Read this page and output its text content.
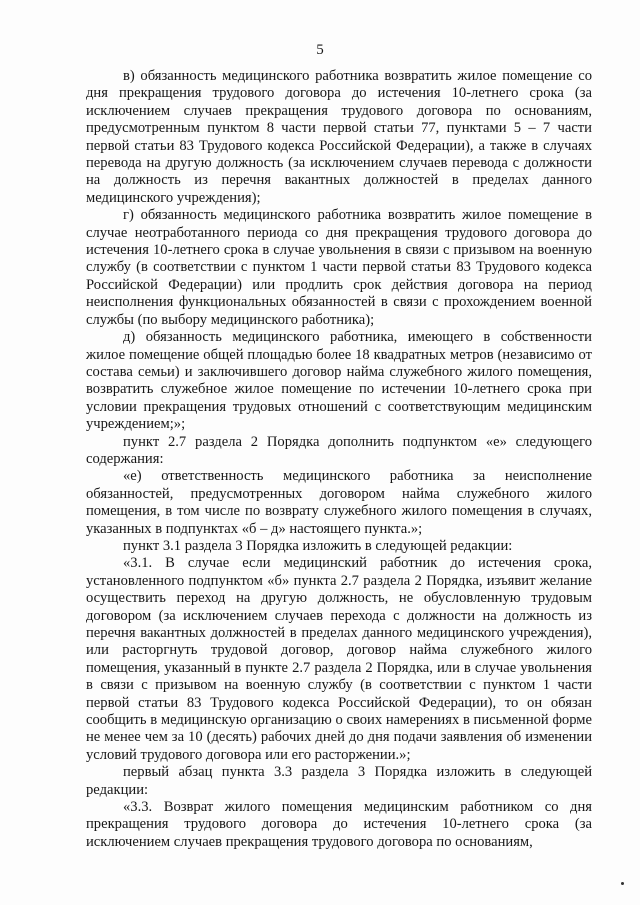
5

в) обязанность медицинского работника возвратить жилое помещение со дня прекращения трудового договора до истечения 10-летнего срока (за исключением случаев прекращения трудового договора по основаниям, предусмотренным пунктом 8 части первой статьи 77, пунктами 5 – 7 части первой статьи 83 Трудового кодекса Российской Федерации), а также в случаях перевода на другую должность (за исключением случаев перевода с должности на должность из перечня вакантных должностей в пределах данного медицинского учреждения);

г) обязанность медицинского работника возвратить жилое помещение в случае неотработанного периода со дня прекращения трудового договора до истечения 10-летнего срока в случае увольнения в связи с призывом на военную службу (в соответствии с пунктом 1 части первой статьи 83 Трудового кодекса Российской Федерации) или продлить срок действия договора на период неисполнения функциональных обязанностей в связи с прохождением военной службы (по выбору медицинского работника);

д) обязанность медицинского работника, имеющего в собственности жилое помещение общей площадью более 18 квадратных метров (независимо от состава семьи) и заключившего договор найма служебного жилого помещения, возвратить служебное жилое помещение по истечении 10-летнего срока при условии прекращения трудовых отношений с соответствующим медицинским учреждением;»;

пункт 2.7 раздела 2 Порядка дополнить подпунктом «е» следующего содержания:

«е) ответственность медицинского работника за неисполнение обязанностей, предусмотренных договором найма служебного жилого помещения, в том числе по возврату служебного жилого помещения в случаях, указанных в подпунктах «б – д» настоящего пункта.»;

пункт 3.1 раздела 3 Порядка изложить в следующей редакции:

«3.1. В случае если медицинский работник до истечения срока, установленного подпунктом «б» пункта 2.7 раздела 2 Порядка, изъявит желание осуществить переход на другую должность, не обусловленную трудовым договором (за исключением случаев перехода с должности на должность из перечня вакантных должностей в пределах данного медицинского учреждения), или расторгнуть трудовой договор, договор найма служебного жилого помещения, указанный в пункте 2.7 раздела 2 Порядка, или в случае увольнения в связи с призывом на военную службу (в соответствии с пунктом 1 части первой статьи 83 Трудового кодекса Российской Федерации), то он обязан сообщить в медицинскую организацию о своих намерениях в письменной форме не менее чем за 10 (десять) рабочих дней до дня подачи заявления об изменении условий трудового договора или его расторжении.»;

первый абзац пункта 3.3 раздела 3 Порядка изложить в следующей редакции:

«3.3. Возврат жилого помещения медицинским работником со дня прекращения трудового договора до истечения 10-летнего срока (за исключением случаев прекращения трудового договора по основаниям,
